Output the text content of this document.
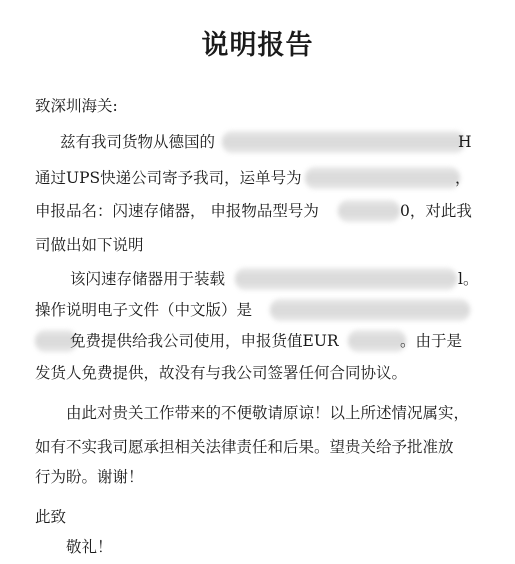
说明报告
致深圳海关:
兹有我司货物从德国的	H
通过UPS快递公司寄予我司，运单号为	，
申报品名：闪速存储器， 申报物品型号为	0，对此我
司做出如下说明
该闪速存储器用于装载	l。
操作说明电子文件（中文版）是
免费提供给我公司使用，申报货值EUR	。由于是
发货人免费提供，故没有与我公司签署任何合同协议。
由此对贵关工作带来的不便敬请原谅！以上所述情况属实，
如有不实我司愿承担相关法律责任和后果。望贵关给予批准放
行为盼。谢谢！
此致
敬礼！
